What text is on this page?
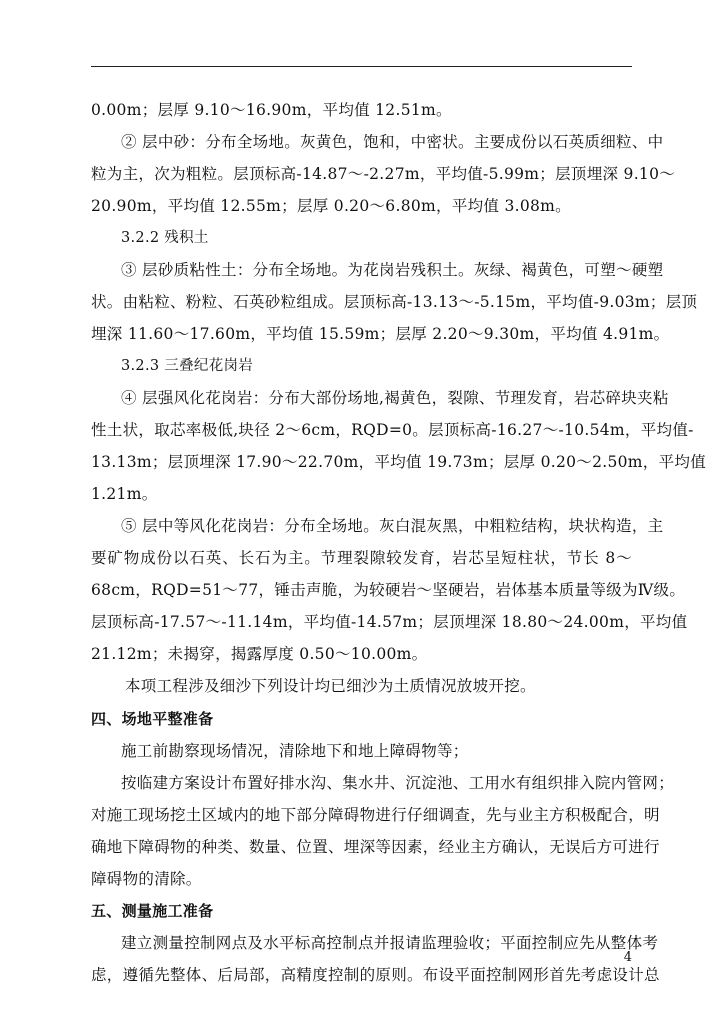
0.00m；层厚 9.10～16.90m，平均值 12.51m。
② 层中砂：分布全场地。灰黄色，饱和，中密状。主要成份以石英质细粒、中
粒为主，次为粗粒。层顶标高-14.87～-2.27m，平均值-5.99m；层顶埋深 9.10～
20.90m，平均值 12.55m；层厚 0.20～6.80m，平均值 3.08m。
3.2.2 残积土
③ 层砂质粘性土：分布全场地。为花岗岩残积土。灰绿、褐黄色，可塑～硬塑
状。由粘粒、粉粒、石英砂粒组成。层顶标高-13.13～-5.15m，平均值-9.03m；层顶
埋深 11.60～17.60m，平均值 15.59m；层厚 2.20～9.30m，平均值 4.91m。
3.2.3 三叠纪花岗岩
④ 层强风化花岗岩：分布大部份场地,褐黄色，裂隙、节理发育，岩芯碎块夹粘
性土状，取芯率极低,块径 2～6cm，RQD=0。层顶标高-16.27～-10.54m，平均值-
13.13m；层顶埋深 17.90～22.70m，平均值 19.73m；层厚 0.20～2.50m，平均值
1.21m。
⑤ 层中等风化花岗岩：分布全场地。灰白混灰黑，中粗粒结构，块状构造，主
要矿物成份以石英、长石为主。节理裂隙较发育，岩芯呈短柱状，节长 8～
68cm，RQD=51～77，锤击声脆，为较硬岩～坚硬岩，岩体基本质量等级为Ⅳ级。
层顶标高-17.57～-11.14m，平均值-14.57m；层顶埋深 18.80～24.00m，平均值
21.12m；未揭穿，揭露厚度 0.50～10.00m。
本项工程涉及细沙下列设计均已细沙为土质情况放坡开挖。
四、场地平整准备
施工前勘察现场情况，清除地下和地上障碍物等；
按临建方案设计布置好排水沟、集水井、沉淀池、工用水有组织排入院内管网；
对施工现场挖土区域内的地下部分障碍物进行仔细调查，先与业主方积极配合，明
确地下障碍物的种类、数量、位置、埋深等因素，经业主方确认，无误后方可进行
障碍物的清除。
五、测量施工准备
建立测量控制网点及水平标高控制点并报请监理验收；平面控制应先从整体考
虑，遵循先整体、后局部，高精度控制的原则。布设平面控制网形首先考虑设计总
4
